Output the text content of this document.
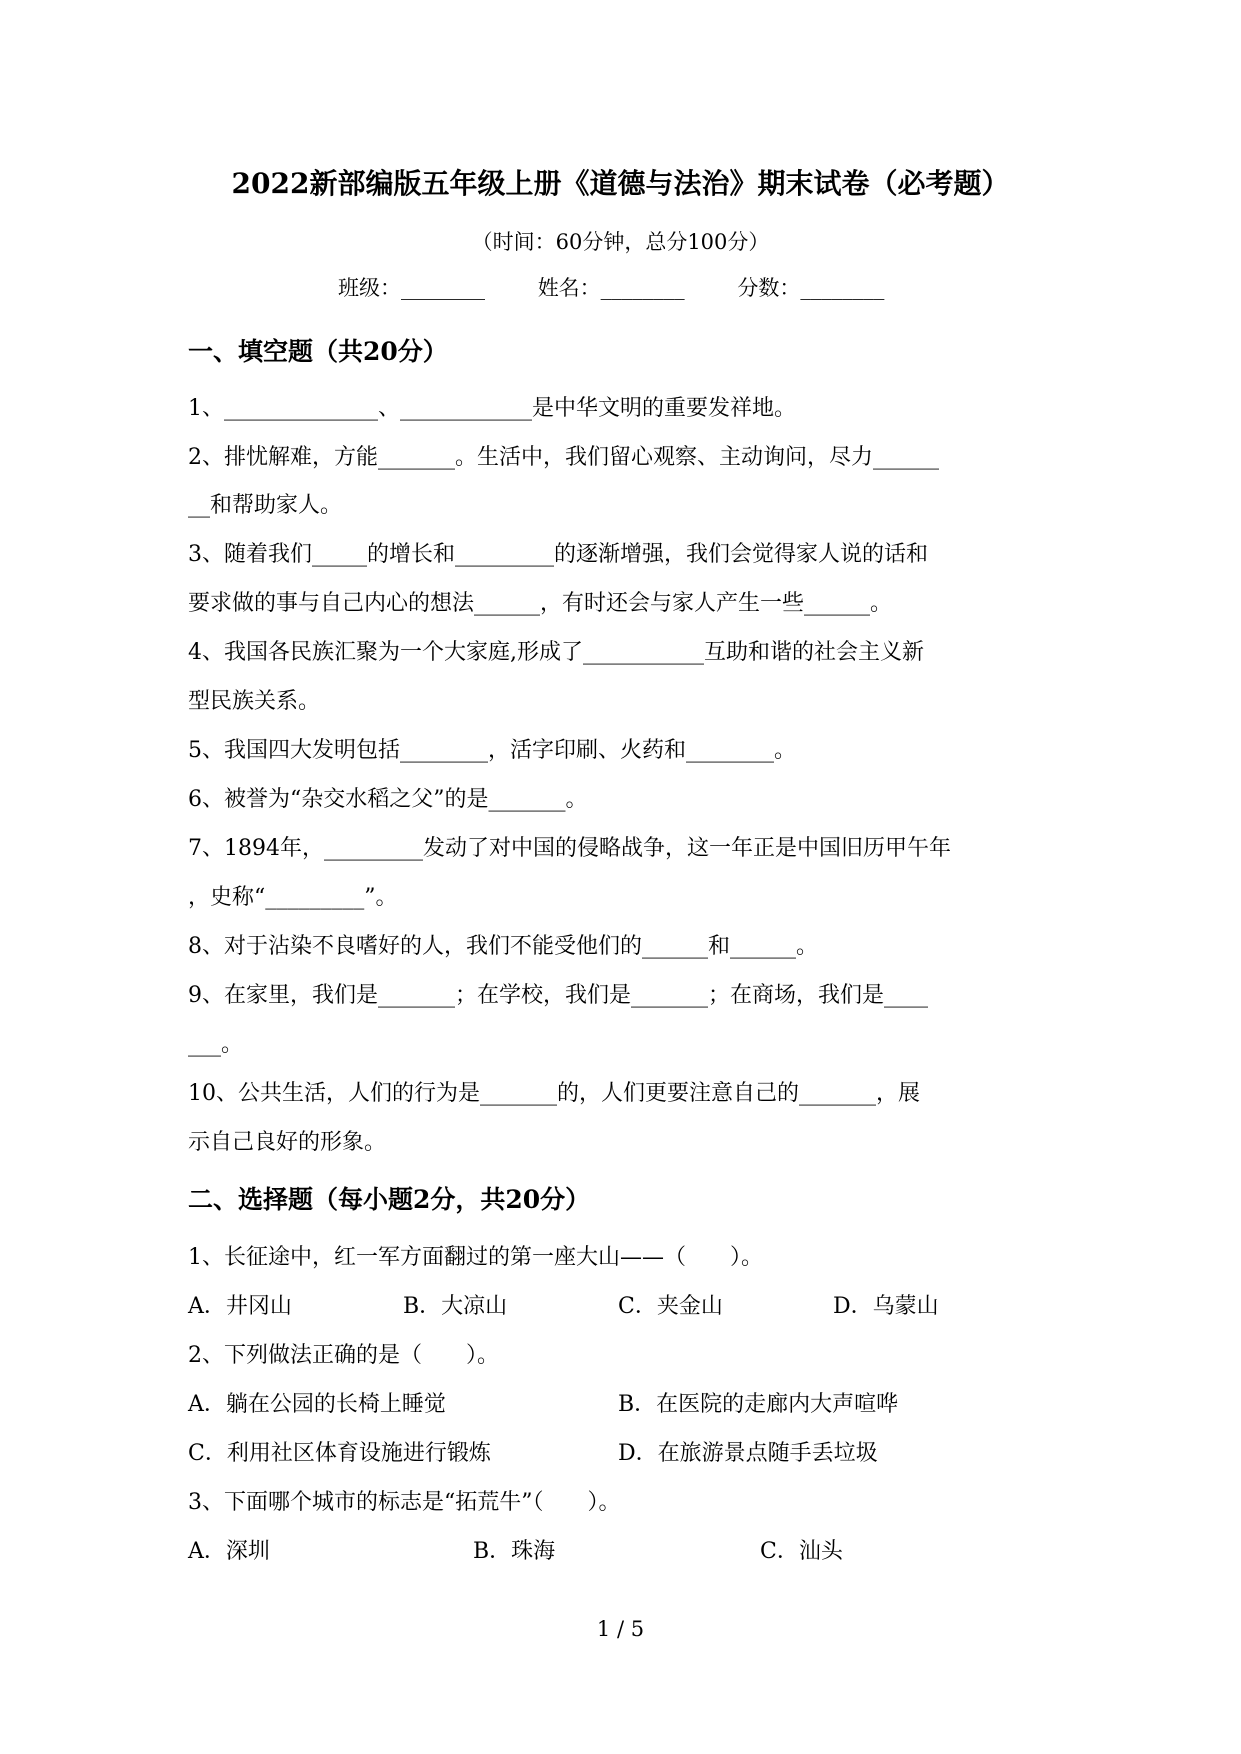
2022新部编版五年级上册《道德与法治》期末试卷（必考题）
（时间：60分钟，总分100分）
班级：________	姓名：________	分数：________
一、填空题（共20分）
1、______________、____________是中华文明的重要发祥地。
2、排忧解难，方能_______。生活中，我们留心观察、主动询问，尽力______
__和帮助家人。
3、随着我们_____的增长和_________的逐渐增强，我们会觉得家人说的话和
要求做的事与自己内心的想法______，有时还会与家人产生一些______。
4、我国各民族汇聚为一个大家庭,形成了___________互助和谐的社会主义新
型民族关系。
5、我国四大发明包括________，活字印刷、火药和________。
6、被誉为“杂交水稻之父”的是_______。
7、1894年，_________发动了对中国的侵略战争，这一年正是中国旧历甲午年
，史称“_________”。
8、对于沾染不良嗜好的人，我们不能受他们的______和______。
9、在家里，我们是_______；在学校，我们是_______；在商场，我们是____
___。
10、公共生活，人们的行为是_______的，人们更要注意自己的_______，展
示自己良好的形象。
二、选择题（每小题2分，共20分）
1、长征途中，红一军方面翻过的第一座大山——（　　）。
A．井冈山	B．大凉山	C．夹金山	D．乌蒙山
2、下列做法正确的是（　　）。
A．躺在公园的长椅上睡觉	B．在医院的走廊内大声喧哗
C．利用社区体育设施进行锻炼	D．在旅游景点随手丢垃圾
3、下面哪个城市的标志是“拓荒牛”（　　）。
A．深圳	B．珠海	C．汕头
1 / 5
